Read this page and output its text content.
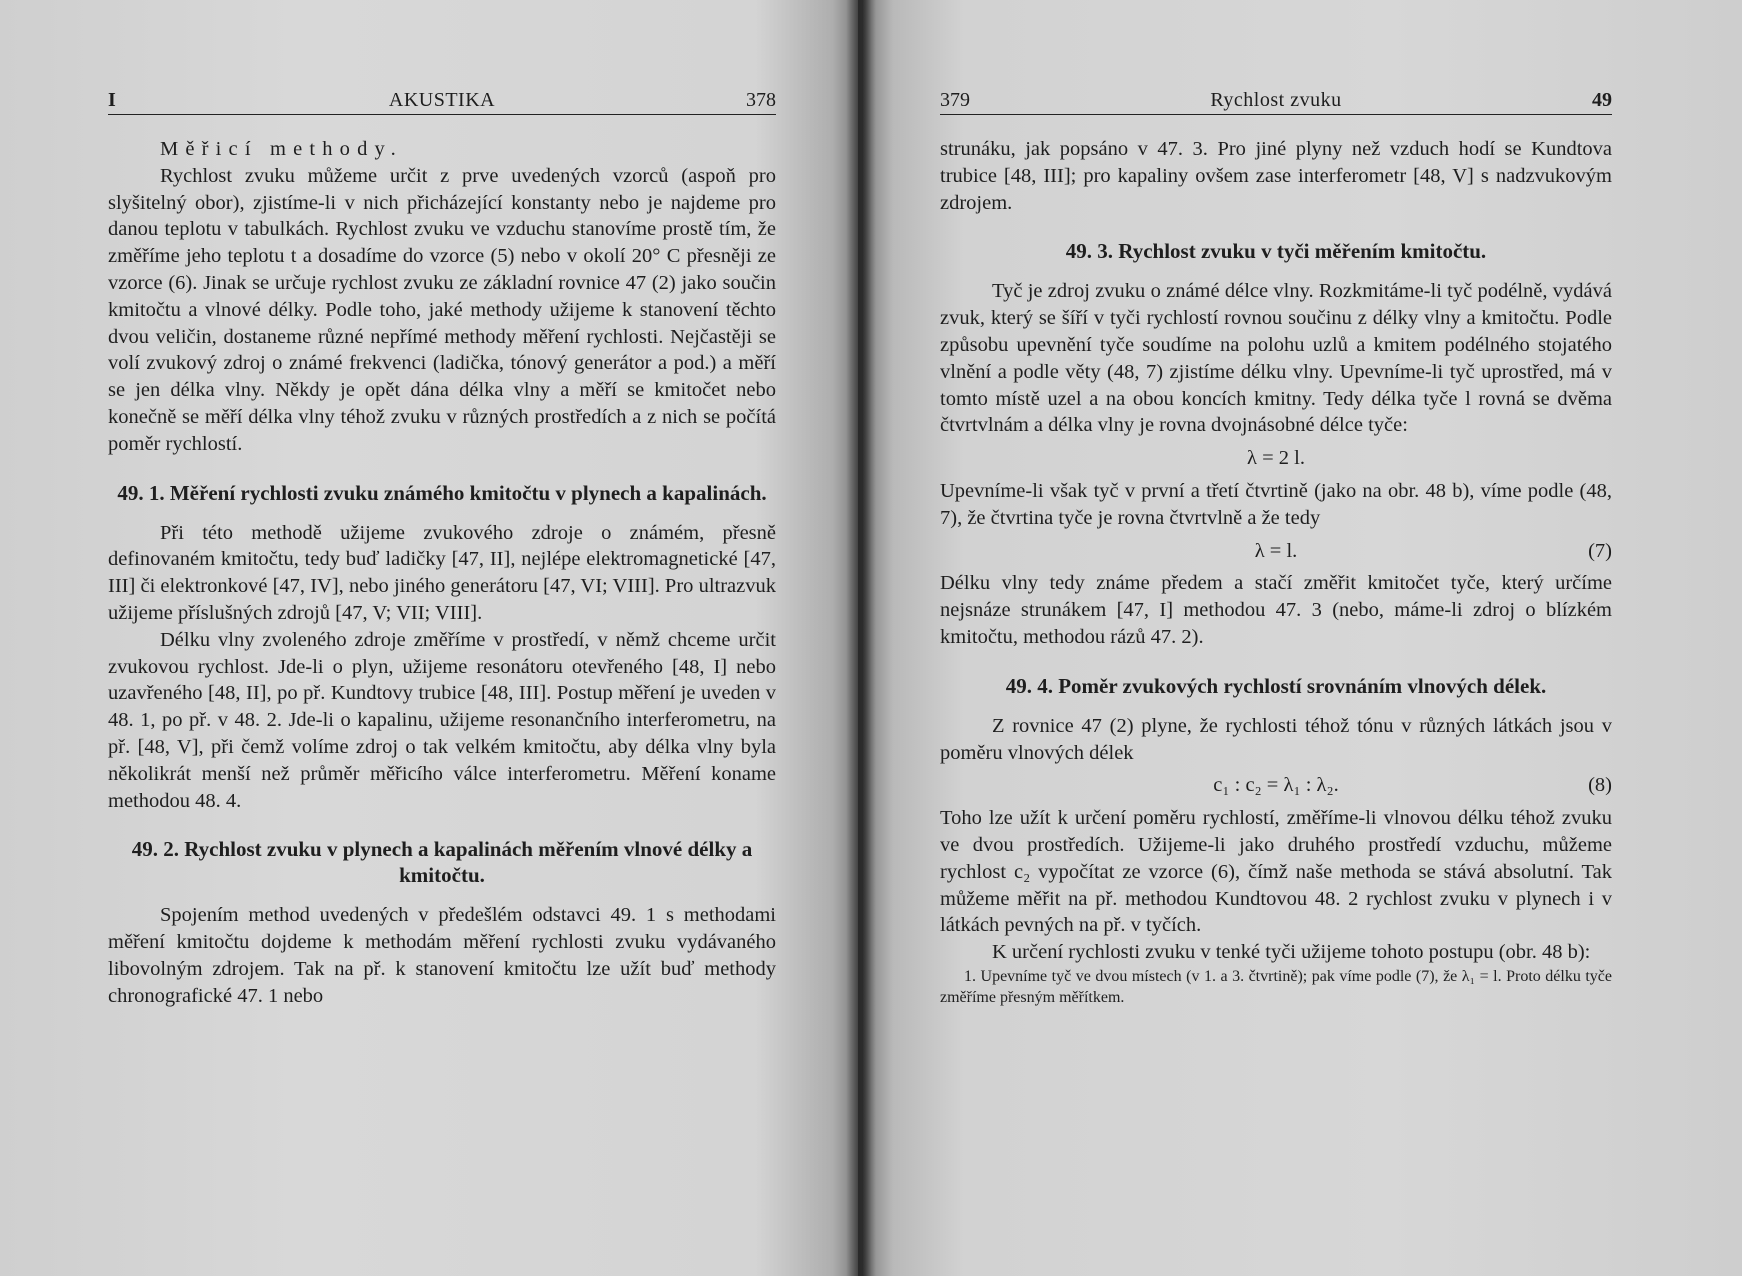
I	AKUSTIKA	378

Měřicí methody.

Rychlost zvuku můžeme určit z prve uvedených vzorců (aspoň pro slyšitelný obor), zjistíme-li v nich přicházející konstanty nebo je najdeme pro danou teplotu v tabulkách. Rychlost zvuku ve vzduchu stanovíme prostě tím, že změříme jeho teplotu t a dosadíme do vzorce (5) nebo v okolí 20° C přesněji ze vzorce (6). Jinak se určuje rychlost zvuku ze základní rovnice 47 (2) jako součin kmitočtu a vlnové délky. Podle toho, jaké methody užijeme k stanovení těchto dvou veličin, dostaneme různé nepřímé methody měření rychlosti. Nejčastěji se volí zvukový zdroj o známé frekvenci (ladička, tónový generátor a pod.) a měří se jen délka vlny. Někdy je opět dána délka vlny a měří se kmitočet nebo konečně se měří délka vlny téhož zvuku v různých prostředích a z nich se počítá poměr rychlostí.

49. 1. Měření rychlosti zvuku známého kmitočtu v plynech a kapalinách.

Při této methodě užijeme zvukového zdroje o známém, přesně definovaném kmitočtu, tedy buď ladičky [47, II], nejlépe elektromagnetické [47, III] či elektronkové [47, IV], nebo jiného generátoru [47, VI; VIII]. Pro ultrazvuk užijeme příslušných zdrojů [47, V; VII; VIII].

Délku vlny zvoleného zdroje změříme v prostředí, v němž chceme určit zvukovou rychlost. Jde-li o plyn, užijeme resonátoru otevřeného [48, I] nebo uzavřeného [48, II], po př. Kundtovy trubice [48, III]. Postup měření je uveden v 48. 1, po př. v 48. 2. Jde-li o kapalinu, užijeme resonančního interferometru, na př. [48, V], při čemž volíme zdroj o tak velkém kmitočtu, aby délka vlny byla několikrát menší než průměr měřicího válce interferometru. Měření koname methodou 48. 4.

49. 2. Rychlost zvuku v plynech a kapalinách měřením vlnové délky a kmitočtu.

Spojením method uvedených v předešlém odstavci 49. 1 s methodami měření kmitočtu dojdeme k methodám měření rychlosti zvuku vydávaného libovolným zdrojem. Tak na př. k stanovení kmitočtu lze užít buď methody chronografické 47. 1 nebo

379	Rychlost zvuku	49

strunáku, jak popsáno v 47. 3. Pro jiné plyny než vzduch hodí se Kundtova trubice [48, III]; pro kapaliny ovšem zase interferometr [48, V] s nadzvukovým zdrojem.

49. 3. Rychlost zvuku v tyči měřením kmitočtu.

Tyč je zdroj zvuku o známé délce vlny. Rozkmitáme-li tyč podélně, vydává zvuk, který se šíří v tyči rychlostí rovnou součinu z délky vlny a kmitočtu. Podle způsobu upevnění tyče soudíme na polohu uzlů a kmitem podélného stojatého vlnění a podle věty (48, 7) zjistíme délku vlny. Upevníme-li tyč uprostřed, má v tomto místě uzel a na obou koncích kmitny. Tedy délka tyče l rovná se dvěma čtvrtvlnám a délka vlny je rovna dvojnásobné délce tyče:

λ = 2 l.

Upevníme-li však tyč v první a třetí čtvrtině (jako na obr. 48 b), víme podle (48, 7), že čtvrtina tyče je rovna čtvrtvlně a že tedy

λ = l.	(7)

Délku vlny tedy známe předem a stačí změřit kmitočet tyče, který určíme nejsnáze strunákem [47, I] methodou 47. 3 (nebo, máme-li zdroj o blízkém kmitočtu, methodou rázů 47. 2).

49. 4. Poměr zvukových rychlostí srovnáním vlnových délek.

Z rovnice 47 (2) plyne, že rychlosti téhož tónu v různých látkách jsou v poměru vlnových délek

c₁ : c₂ = λ₁ : λ₂.	(8)

Toho lze užít k určení poměru rychlostí, změříme-li vlnovou délku téhož zvuku ve dvou prostředích. Užijeme-li jako druhého prostředí vzduchu, můžeme rychlost c₂ vypočítat ze vzorce (6), čímž naše methoda se stává absolutní. Tak můžeme měřit na př. methodou Kundtovou 48. 2 rychlost zvuku v plynech i v látkách pevných na př. v tyčích.

K určení rychlosti zvuku v tenké tyči užijeme tohoto postupu (obr. 48 b):

1. Upevníme tyč ve dvou místech (v 1. a 3. čtvrtině); pak víme podle (7), že λ₁ = l. Proto délku tyče změříme přesným měřítkem.
